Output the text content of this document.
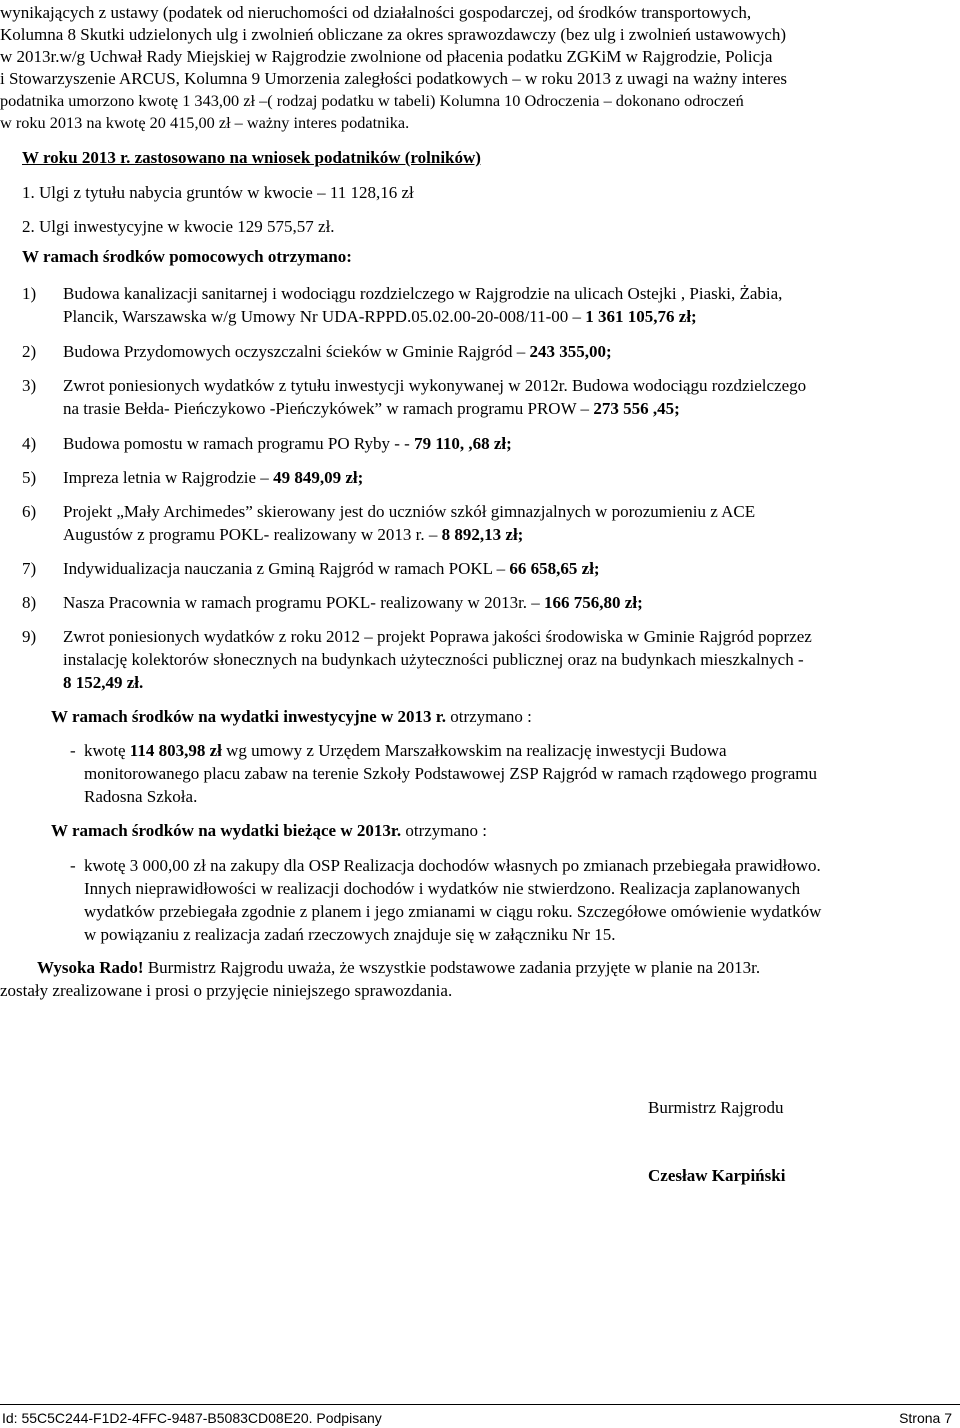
wynikających z ustawy (podatek od nieruchomości od działalności gospodarczej, od środków transportowych,
Kolumna 8 Skutki udzielonych ulg i zwolnień obliczane za okres sprawozdawczy (bez ulg i zwolnień ustawowych)
w 2013r.w/g Uchwał Rady Miejskiej w Rajgrodzie zwolnione od płacenia podatku ZGKiM w Rajgrodzie, Policja
i Stowarzyszenie ARCUS, Kolumna 9 Umorzenia zaległości podatkowych – w roku 2013 z uwagi na ważny interes
podatnika umorzono kwotę 1 343,00 zł –( rodzaj podatku w tabeli) Kolumna 10 Odroczenia – dokonano odroczeń
w roku 2013 na kwotę 20 415,00 zł – ważny interes podatnika.
W roku 2013 r. zastosowano na wniosek podatników (rolników)
1. Ulgi z tytułu nabycia gruntów w kwocie – 11 128,16 zł
2. Ulgi inwestycyjne w kwocie 129 575,57 zł.
W ramach środków pomocowych otrzymano:
1)	Budowa kanalizacji sanitarnej i wodociągu rozdzielczego w Rajgrodzie na ulicach Ostejki , Piaski, Żabia,
Plancik, Warszawska w/g Umowy Nr UDA-RPPD.05.02.00-20-008/11-00 – 1 361 105,76 zł;
2)	Budowa Przydomowych oczyszczalni ścieków w Gminie Rajgród – 243 355,00;
3)	Zwrot poniesionych wydatków z tytułu inwestycji wykonywanej w 2012r. Budowa wodociągu rozdzielczego
na trasie Bełda- Pieńczykowo -Pieńczykówek” w ramach programu PROW – 273 556 ,45;
4)	Budowa pomostu w ramach programu PO Ryby - - 79 110, ,68 zł;
5)	Impreza letnia w Rajgrodzie – 49 849,09 zł;
6)	Projekt „Mały Archimedes” skierowany jest do uczniów szkół gimnazjalnych w porozumieniu z ACE
Augustów z programu POKL- realizowany w 2013 r. – 8 892,13 zł;
7)	Indywidualizacja nauczania z Gminą Rajgród w ramach POKL – 66 658,65 zł;
8)	Nasza Pracownia w ramach programu POKL- realizowany w 2013r. – 166 756,80 zł;
9)	Zwrot poniesionych wydatków z roku 2012 – projekt Poprawa jakości środowiska w Gminie Rajgród poprzez
instalację kolektorów słonecznych na budynkach użyteczności publicznej oraz na budynkach mieszkalnych -
8 152,49 zł.
W ramach środków na wydatki inwestycyjne w 2013 r. otrzymano :
- kwotę 114 803,98 zł wg umowy z Urzędem Marszałkowskim na realizację inwestycji Budowa
monitorowanego placu zabaw na terenie Szkoły Podstawowej ZSP Rajgród w ramach rządowego programu
Radosna Szkoła.
W ramach środków na wydatki bieżące w 2013r. otrzymano :
- kwotę 3 000,00 zł na zakupy dla OSP Realizacja dochodów własnych po zmianach przebiegała prawidłowo.
Innych nieprawidłowości w realizacji dochodów i wydatków nie stwierdzono. Realizacja zaplanowanych
wydatków przebiegała zgodnie z planem i jego zmianami w ciągu roku. Szczegółowe omówienie wydatków
w powiązaniu z realizacja zadań rzeczowych znajduje się w załączniku Nr 15.
Wysoka Rado! Burmistrz Rajgrodu uważa, że wszystkie podstawowe zadania przyjęte w planie na 2013r.
zostały zrealizowane i prosi o przyjęcie niniejszego sprawozdania.
Burmistrz Rajgrodu
Czesław Karpiński
Id: 55C5C244-F1D2-4FFC-9487-B5083CD08E20. Podpisany	Strona 7
